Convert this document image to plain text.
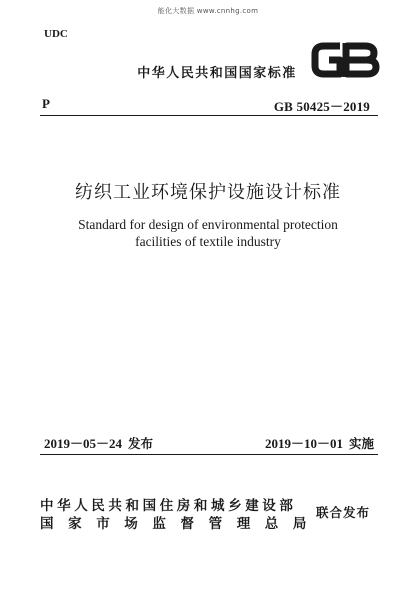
能化大数据 www.cnnhg.com
UDC
中华人民共和国国家标准
P	GB 50425－2019
纺织工业环境保护设施设计标准
Standard for design of environmental protection
facilities of textile industry
2019－05－24 发布	2019－10－01 实施
中华人民共和国住房和城乡建设部
国家市场监督管理总局
联合发布
